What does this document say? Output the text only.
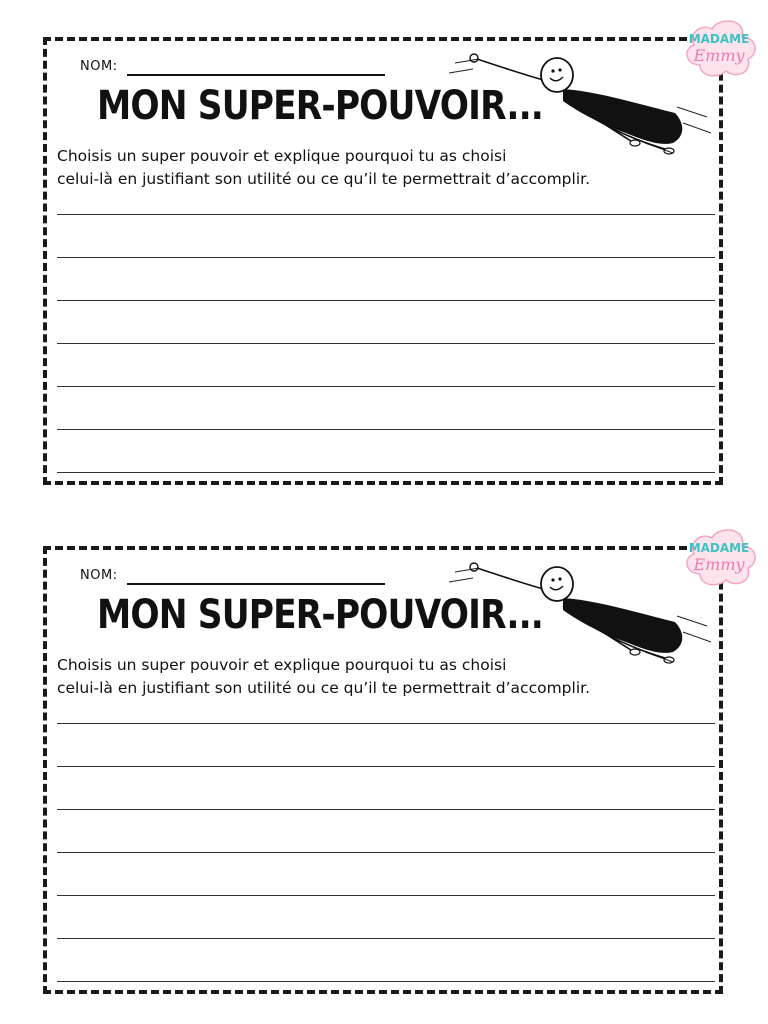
NOM:
MON SUPER-POUVOIR...
Choisis un super pouvoir et explique pourquoi tu as choisi
celui-là en justifiant son utilité ou ce qu’il te permettrait d’accomplir.
MADAME
Emmy
NOM:
MON SUPER-POUVOIR...
Choisis un super pouvoir et explique pourquoi tu as choisi
celui-là en justifiant son utilité ou ce qu’il te permettrait d’accomplir.
MADAME
Emmy
